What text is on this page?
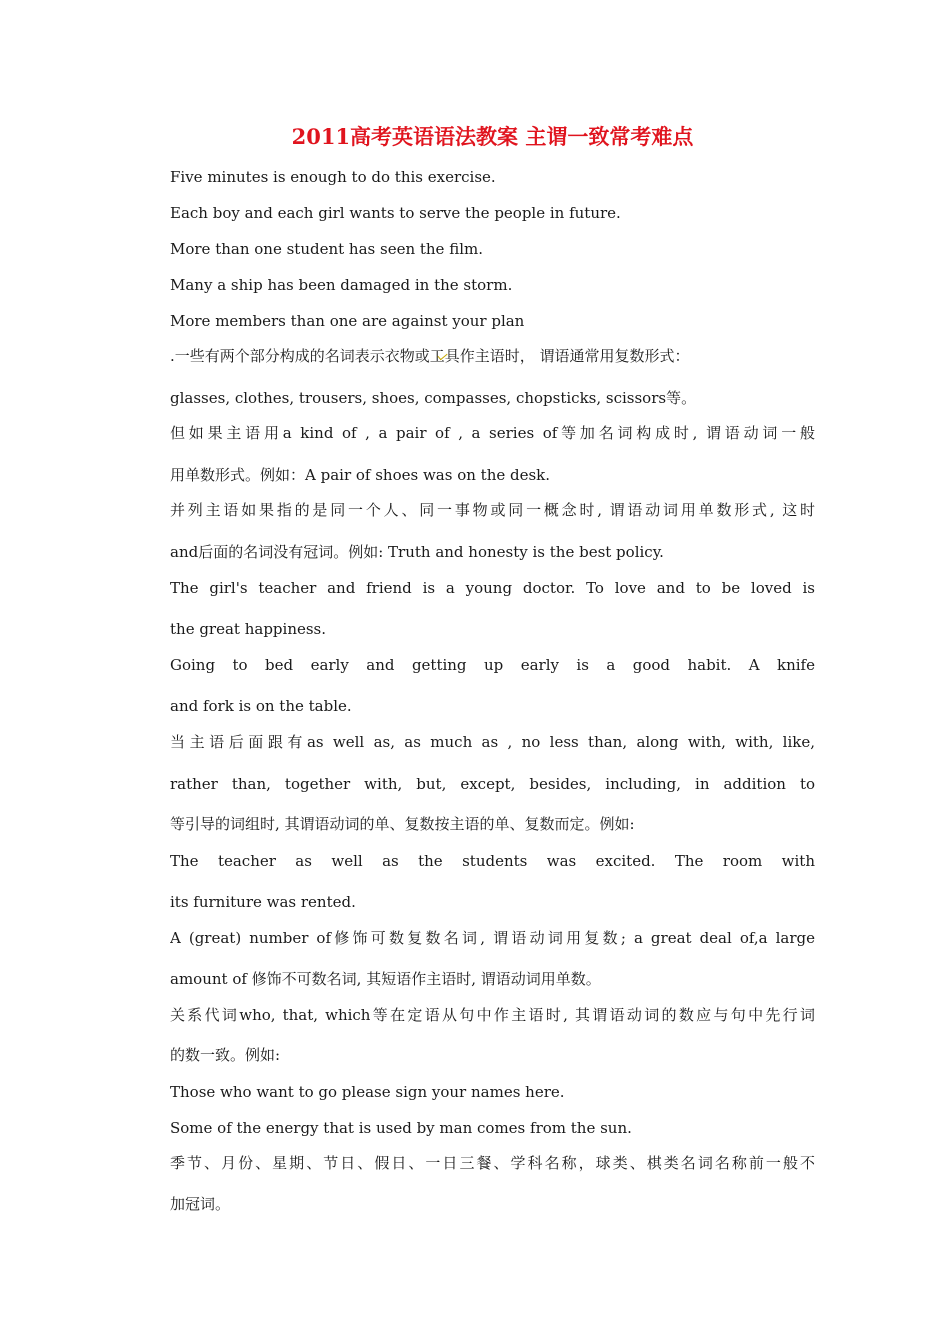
2011高考英语语法教案 主谓一致常考难点

Five minutes is enough to do this exercise.

Each boy and each girl wants to serve the people in future.

More than one student has seen the film.

Many a ship has been damaged in the storm.

More members than one are against your plan

.一些有两个部分构成的名词表示衣物或工具作主语时， 谓语通常用复数形式：

glasses, clothes, trousers, shoes, compasses, chopsticks, scissors等。

但如果主语用a kind of , a pair of , a series of等加名词构成时, 谓语动词一般

用单数形式。例如：A pair of shoes was on the desk.

并列主语如果指的是同一个人、同一事物或同一概念时, 谓语动词用单数形式, 这时

and后面的名词没有冠词。例如: Truth and honesty is the best policy.

The girl's teacher and friend is a young doctor. To love and to be loved is

the great happiness.

Going to bed early and getting up early is a good habit. A knife

and fork is on the table.

当主语后面跟有as well as, as much as , no less than, along with, with, like,

rather than, together with, but, except, besides, including, in addition to

等引导的词组时, 其谓语动词的单、复数按主语的单、复数而定。例如:

The teacher as well as the students was excited. The room with

its furniture was rented.

A (great) number of修饰可数复数名词, 谓语动词用复数; a great deal of,a large

amount of 修饰不可数名词, 其短语作主语时, 谓语动词用单数。

关系代词who, that, which等在定语从句中作主语时, 其谓语动词的数应与句中先行词

的数一致。例如:

Those who want to go please sign your names here.

Some of the energy that is used by man comes from the sun.

季节、月份、星期、节日、假日、一日三餐、学科名称，球类、棋类名词名称前一般不

加冠词。
